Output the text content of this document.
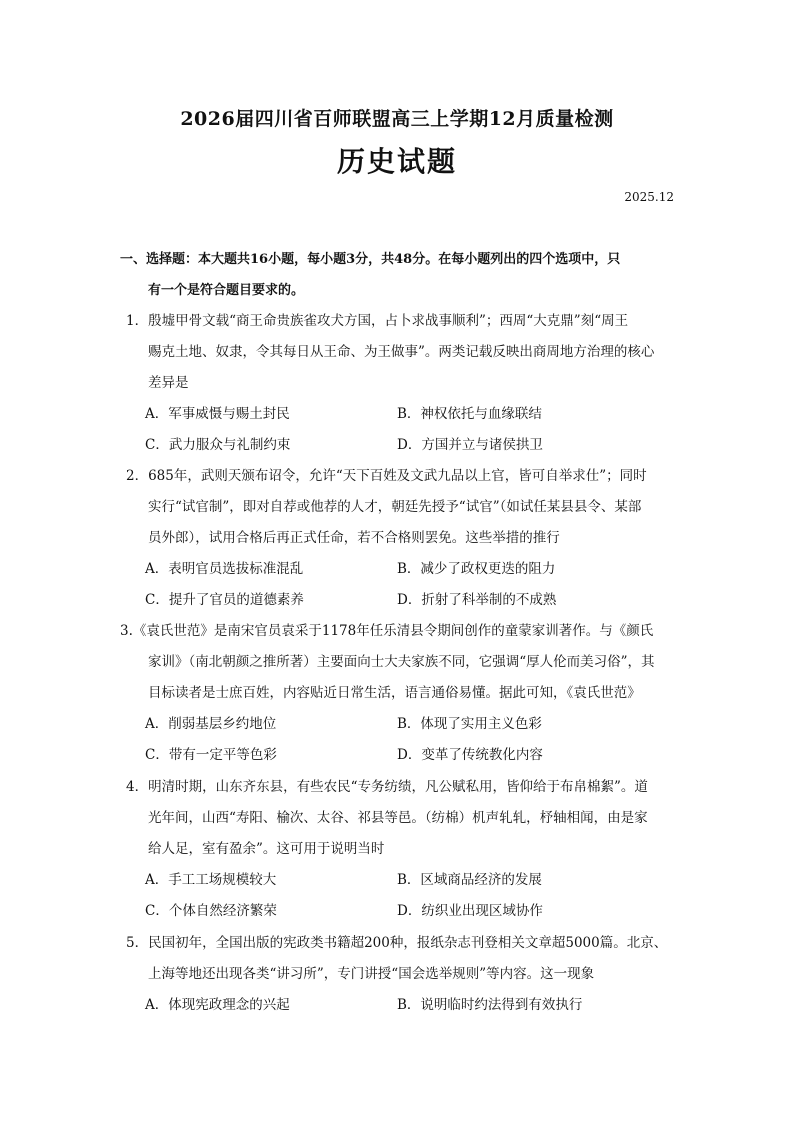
2026届四川省百师联盟高三上学期12月质量检测
历史试题
2025.12
一、选择题：本大题共16小题，每小题3分，共48分。在每小题列出的四个选项中，只
有一个是符合题目要求的。
1．殷墟甲骨文载“商王命贵族雀攻犬方国，占卜求战事顺利”；西周“大克鼎”刻“周王
赐克土地、奴隶，令其每日从王命、为王做事”。两类记载反映出商周地方治理的核心
差异是
A．军事威慑与赐土封民	B．神权依托与血缘联结
C．武力服众与礼制约束	D．方国并立与诸侯拱卫
2．685年，武则天颁布诏令，允许“天下百姓及文武九品以上官，皆可自举求仕”；同时
实行“试官制”，即对自荐或他荐的人才，朝廷先授予“试官”（如试任某县县令、某部
员外郎），试用合格后再正式任命，若不合格则罢免。这些举措的推行
A．表明官员选拔标准混乱	B．减少了政权更迭的阻力
C．提升了官员的道德素养	D．折射了科举制的不成熟
3.《袁氏世范》是南宋官员袁采于1178年任乐清县令期间创作的童蒙家训著作。与《颜氏
家训》（南北朝颜之推所著）主要面向士大夫家族不同，它强调“厚人伦而美习俗”，其
目标读者是士庶百姓，内容贴近日常生活，语言通俗易懂。据此可知，《袁氏世范》
A．削弱基层乡约地位	B．体现了实用主义色彩
C．带有一定平等色彩	D．变革了传统教化内容
4．明清时期，山东齐东县，有些农民“专务纺绩，凡公赋私用，皆仰给于布帛棉絮”。道
光年间，山西“寿阳、榆次、太谷、祁县等邑。（纺棉）机声轧轧，杼轴相闻，由是家
给人足，室有盈余”。这可用于说明当时
A．手工工场规模较大	B．区域商品经济的发展
C．个体自然经济繁荣	D．纺织业出现区域协作
5．民国初年，全国出版的宪政类书籍超200种，报纸杂志刊登相关文章超5000篇。北京、
上海等地还出现各类“讲习所”，专门讲授“国会选举规则”等内容。这一现象
A．体现宪政理念的兴起	B．说明临时约法得到有效执行
